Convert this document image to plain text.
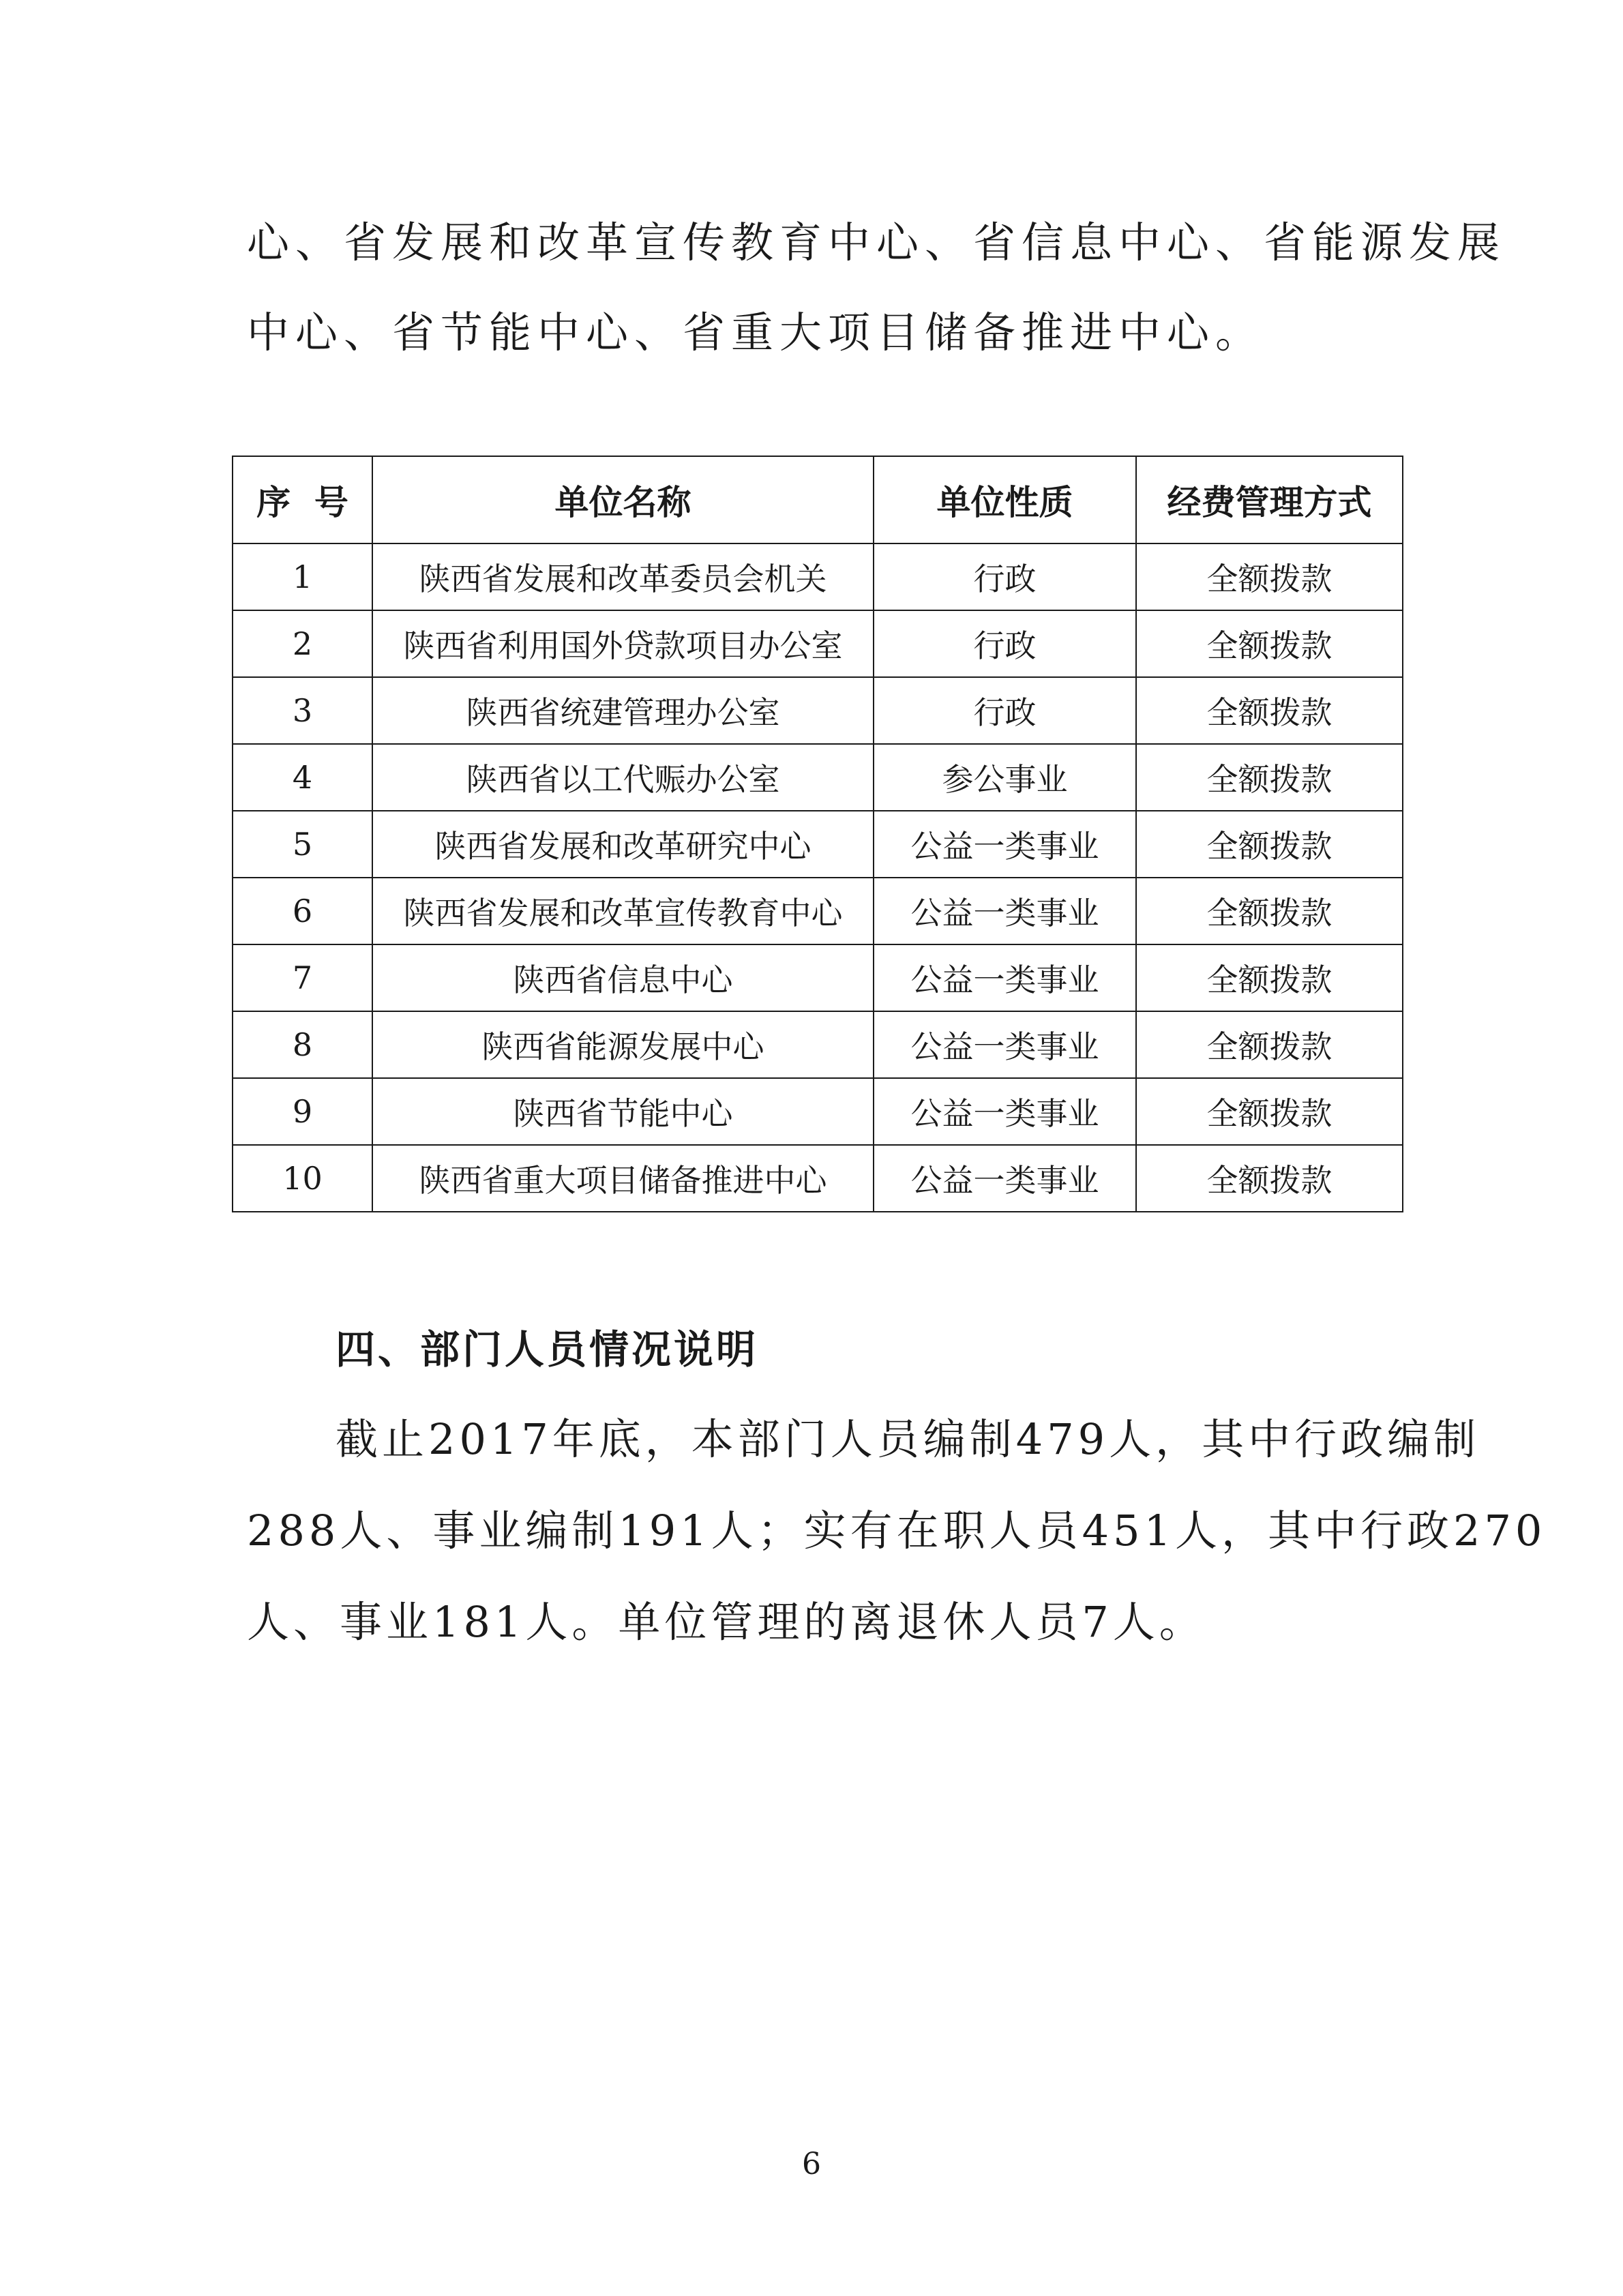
心、省发展和改革宣传教育中心、省信息中心、省能源发展

中心、省节能中心、省重大项目储备推进中心。

序  号	单位名称	单位性质	经费管理方式
1	陕西省发展和改革委员会机关	行政	全额拨款
2	陕西省利用国外贷款项目办公室	行政	全额拨款
3	陕西省统建管理办公室	行政	全额拨款
4	陕西省以工代赈办公室	参公事业	全额拨款
5	陕西省发展和改革研究中心	公益一类事业	全额拨款
6	陕西省发展和改革宣传教育中心	公益一类事业	全额拨款
7	陕西省信息中心	公益一类事业	全额拨款
8	陕西省能源发展中心	公益一类事业	全额拨款
9	陕西省节能中心	公益一类事业	全额拨款
10	陕西省重大项目储备推进中心	公益一类事业	全额拨款
四、部门人员情况说明

截止2017年底，本部门人员编制479人，其中行政编制

288人、事业编制191人；实有在职人员451人，其中行政270

人、事业181人。单位管理的离退休人员7人。

6
